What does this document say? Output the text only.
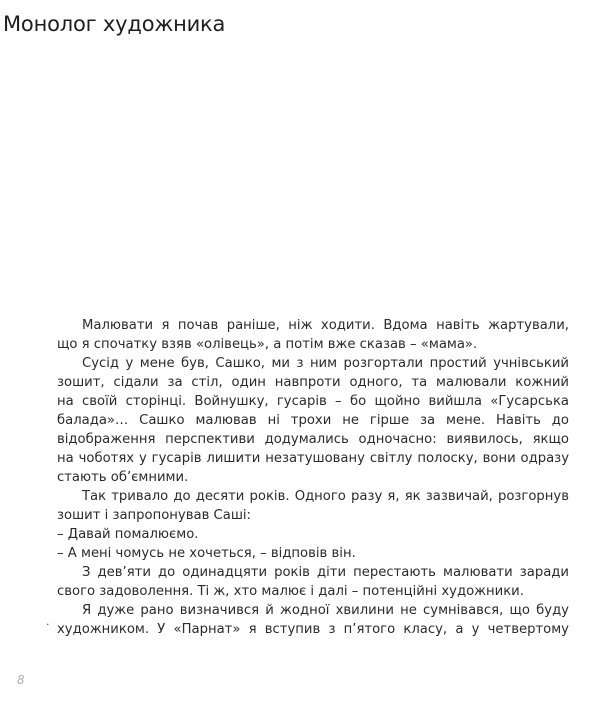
Монолог художника
Малювати я почав раніше, ніж ходити. Вдома навіть жартували,
що я спочатку взяв «олівець», а потім вже сказав – «мама».
Сусід у мене був, Сашко, ми з ним розгортали простий учнівський
зошит, сідали за стіл, один навпроти одного, та малювали кожний
на своїй сторінці. Войнушку, гусарів – бо щойно вийшла «Гусарська
балада»… Сашко малював ні трохи не гірше за мене. Навіть до
відображення перспективи додумались одночасно: виявилось, якщо
на чоботях у гусарів лишити незатушовану світлу полоску, вони одразу
стають об’ємними.
Так тривало до десяти років. Одного разу я, як зазвичай, розгорнув
зошит і запропонував Саші:
– Давай помалюємо.
– А мені чомусь не хочеться, – відповів він.
З дев’яти до одинадцяти років діти перестають малювати заради
свого задоволення. Ті ж, хто малює і далі – потенційні художники.
Я дуже рано визначився й жодної хвилини не сумнівався, що буду
художником. У «Парнат» я вступив з п’ятого класу, а у четвертому
·
8
